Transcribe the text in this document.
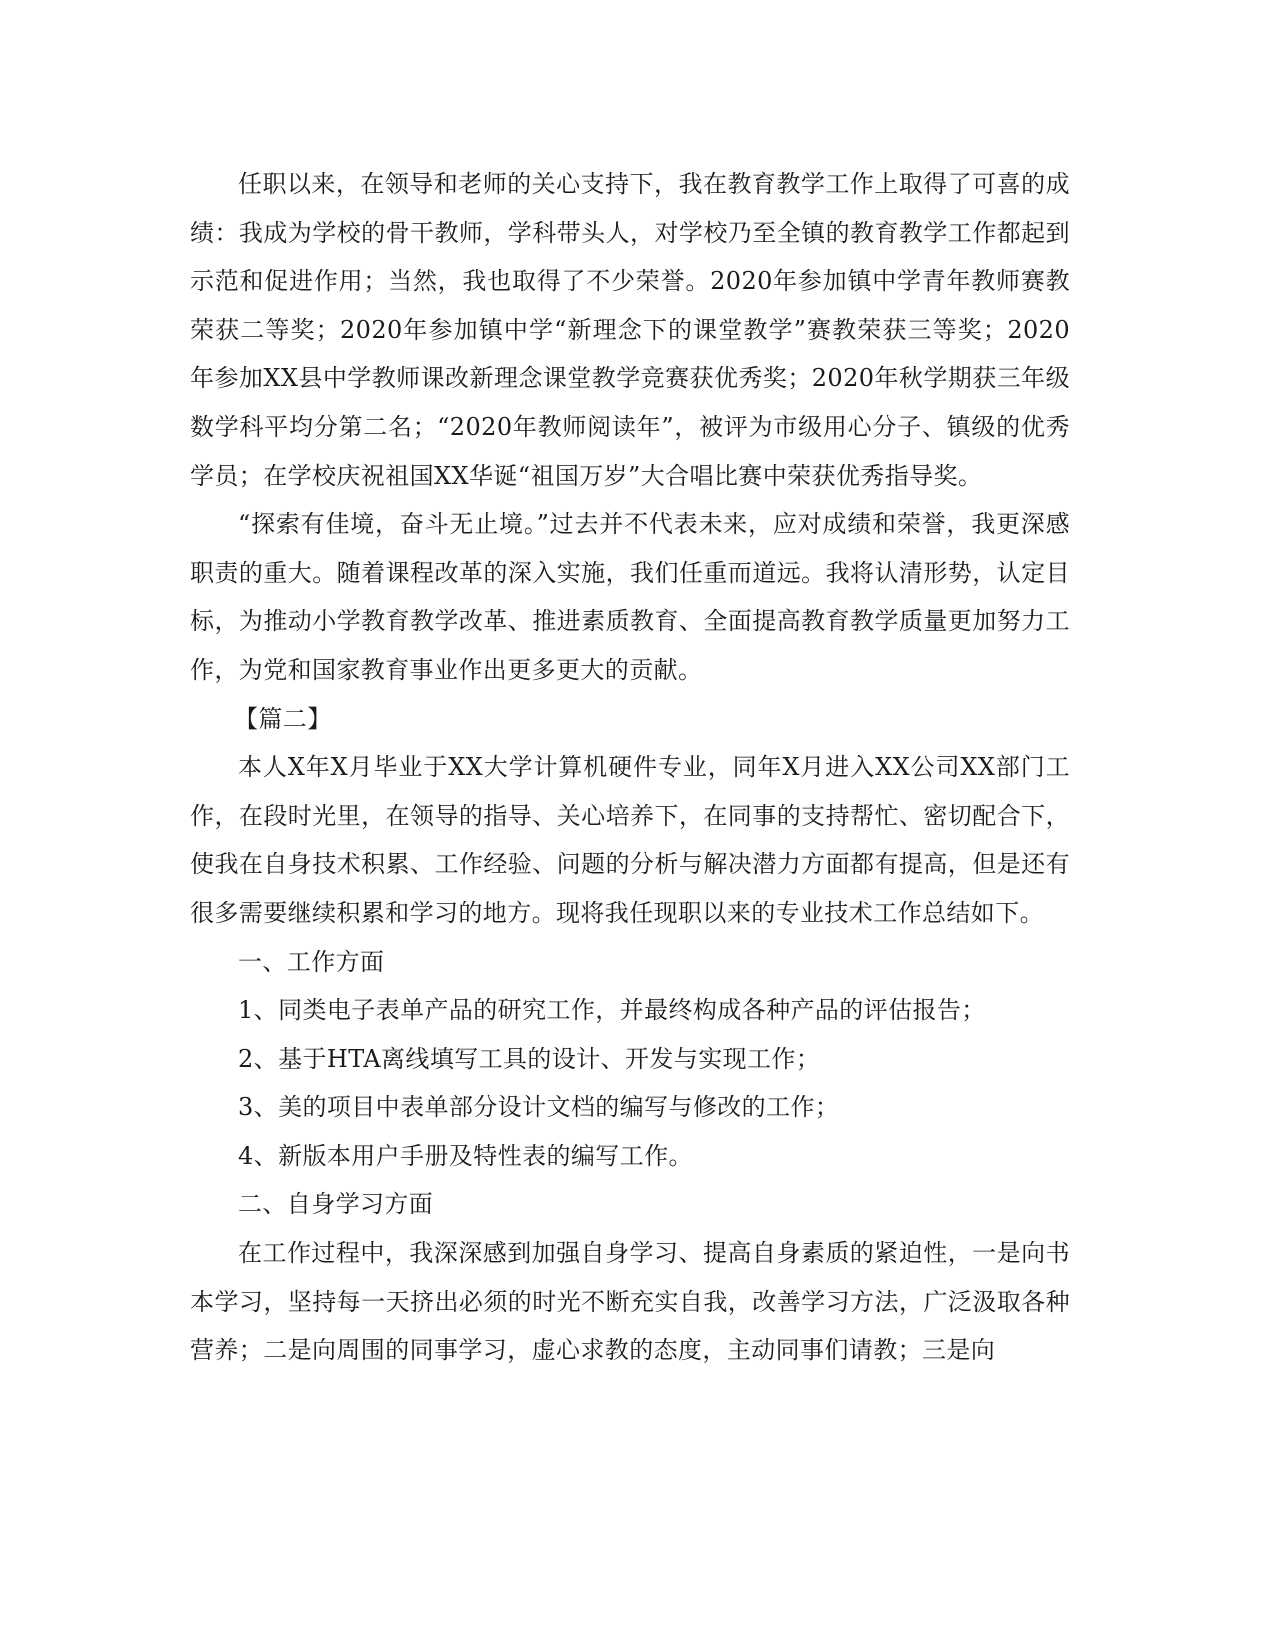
任职以来，在领导和老师的关心支持下，我在教育教学工作上取得了可喜的成绩：我成为学校的骨干教师，学科带头人，对学校乃至全镇的教育教学工作都起到示范和促进作用；当然，我也取得了不少荣誉。2020年参加镇中学青年教师赛教荣获二等奖；2020年参加镇中学“新理念下的课堂教学”赛教荣获三等奖；2020年参加XX县中学教师课改新理念课堂教学竞赛获优秀奖；2020年秋学期获三年级数学科平均分第二名；“2020年教师阅读年”，被评为市级用心分子、镇级的优秀学员；在学校庆祝祖国XX华诞“祖国万岁”大合唱比赛中荣获优秀指导奖。

“探索有佳境，奋斗无止境。”过去并不代表未来，应对成绩和荣誉，我更深感职责的重大。随着课程改革的深入实施，我们任重而道远。我将认清形势，认定目标，为推动小学教育教学改革、推进素质教育、全面提高教育教学质量更加努力工作，为党和国家教育事业作出更多更大的贡献。

【篇二】

本人X年X月毕业于XX大学计算机硬件专业，同年X月进入XX公司XX部门工作，在段时光里，在领导的指导、关心培养下，在同事的支持帮忙、密切配合下，使我在自身技术积累、工作经验、问题的分析与解决潜力方面都有提高，但是还有很多需要继续积累和学习的地方。现将我任现职以来的专业技术工作总结如下。

一、工作方面

1、同类电子表单产品的研究工作，并最终构成各种产品的评估报告；

2、基于HTA离线填写工具的设计、开发与实现工作；

3、美的项目中表单部分设计文档的编写与修改的工作；

4、新版本用户手册及特性表的编写工作。

二、自身学习方面

在工作过程中，我深深感到加强自身学习、提高自身素质的紧迫性，一是向书本学习，坚持每一天挤出必须的时光不断充实自我，改善学习方法，广泛汲取各种营养；二是向周围的同事学习，虚心求教的态度，主动同事们请教；三是向
